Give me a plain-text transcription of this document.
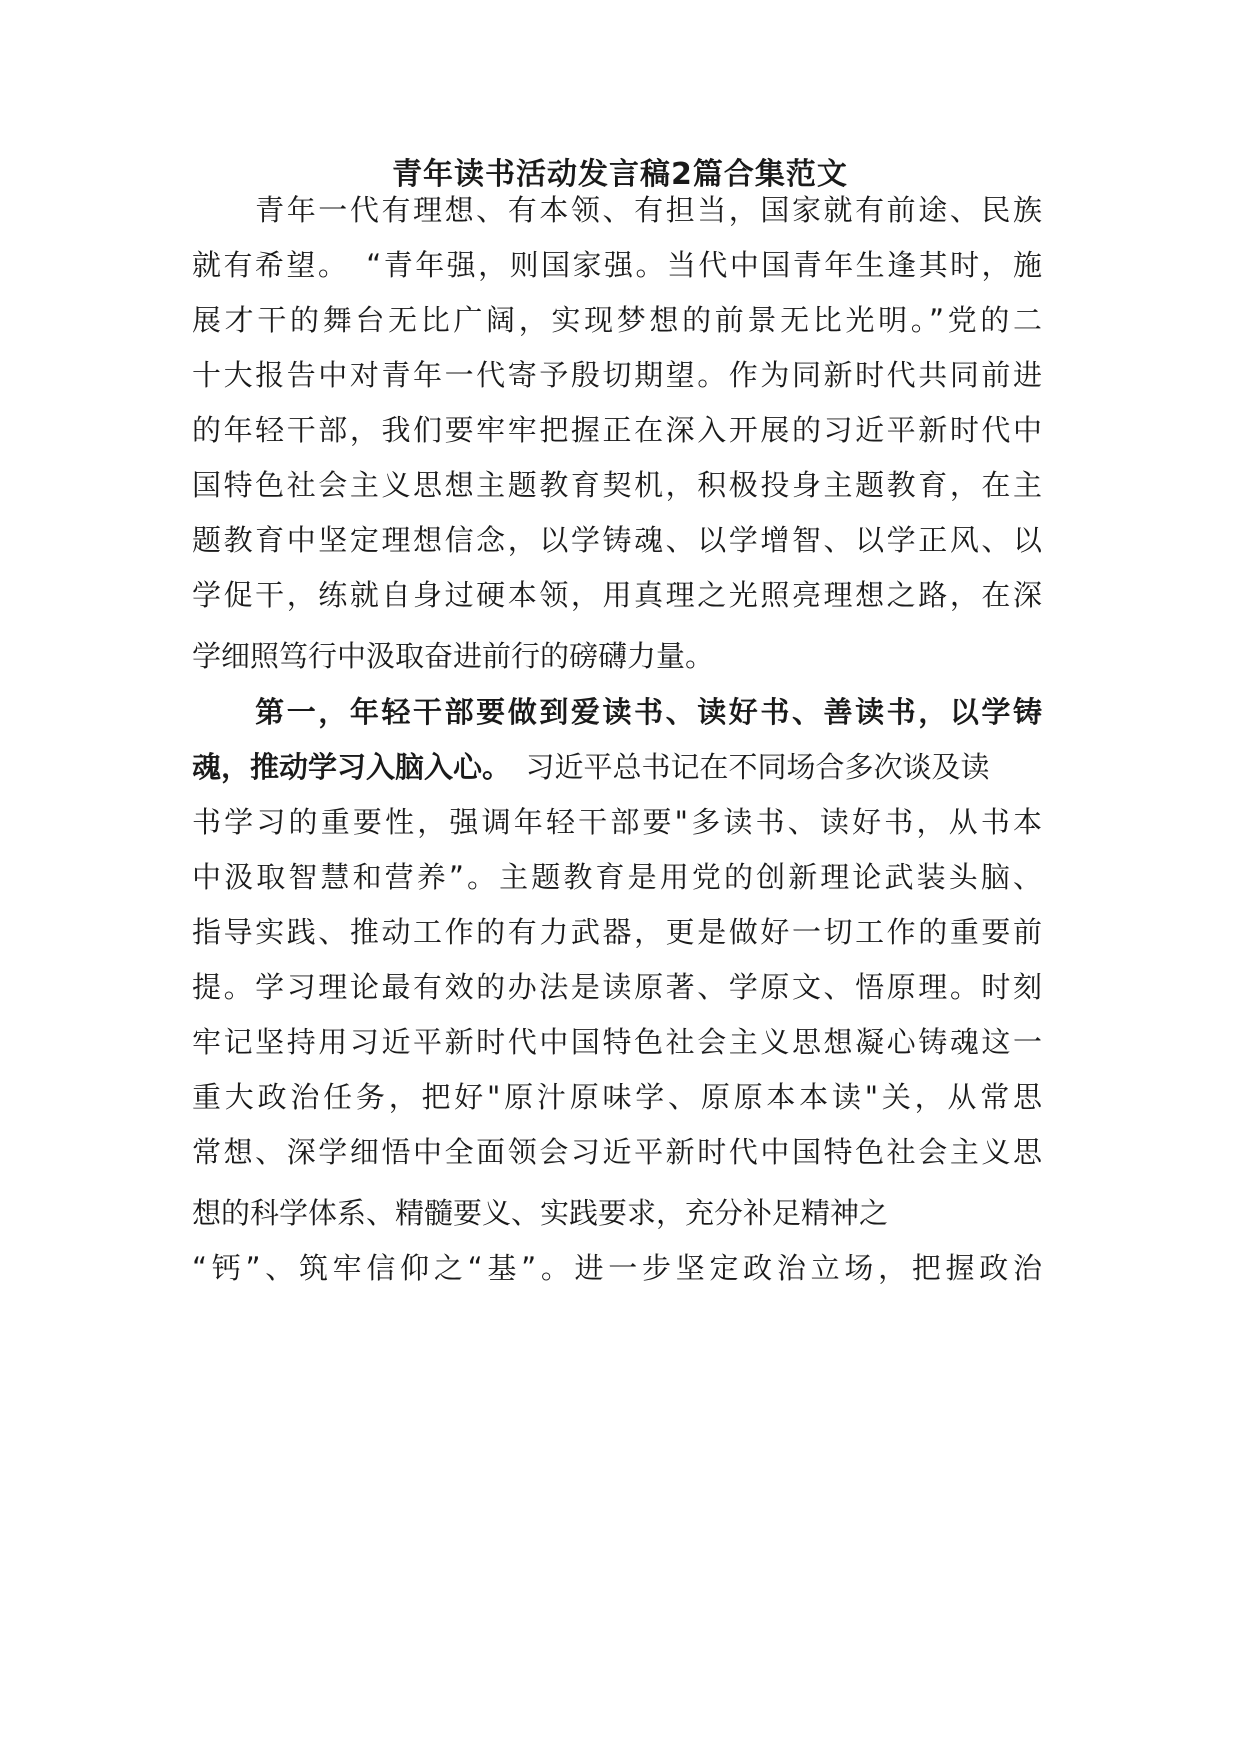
青年读书活动发言稿2篇合集范文
　　青年一代有理想、有本领、有担当，国家就有前途、民族
就有希望。　“青年强，则国家强。当代中国青年生逢其时，施
展才干的舞台无比广阔，实现梦想的前景无比光明。”党的二
十大报告中对青年一代寄予殷切期望。作为同新时代共同前进
的年轻干部，我们要牢牢把握正在深入开展的习近平新时代中
国特色社会主义思想主题教育契机，积极投身主题教育，在主
题教育中坚定理想信念，以学铸魂、以学增智、以学正风、以
学促干，练就自身过硬本领，用真理之光照亮理想之路，在深
学细照笃行中汲取奋进前行的磅礴力量。
　　第一，年轻干部要做到爱读书、读好书、善读书，以学铸
魂，推动学习入脑入心。　习近平总书记在不同场合多次谈及读
书学习的重要性，强调年轻干部要"多读书、读好书，从书本
中汲取智慧和营养”。主题教育是用党的创新理论武装头脑、
指导实践、推动工作的有力武器，更是做好一切工作的重要前
提。学习理论最有效的办法是读原著、学原文、悟原理。时刻
牢记坚持用习近平新时代中国特色社会主义思想凝心铸魂这一
重大政治任务，把好"原汁原味学、原原本本读"关，从常思
常想、深学细悟中全面领会习近平新时代中国特色社会主义思
想的科学体系、精髓要义、实践要求，充分补足精神之
“钙”、筑牢信仰之“基”。进一步坚定政治立场，把握政治
